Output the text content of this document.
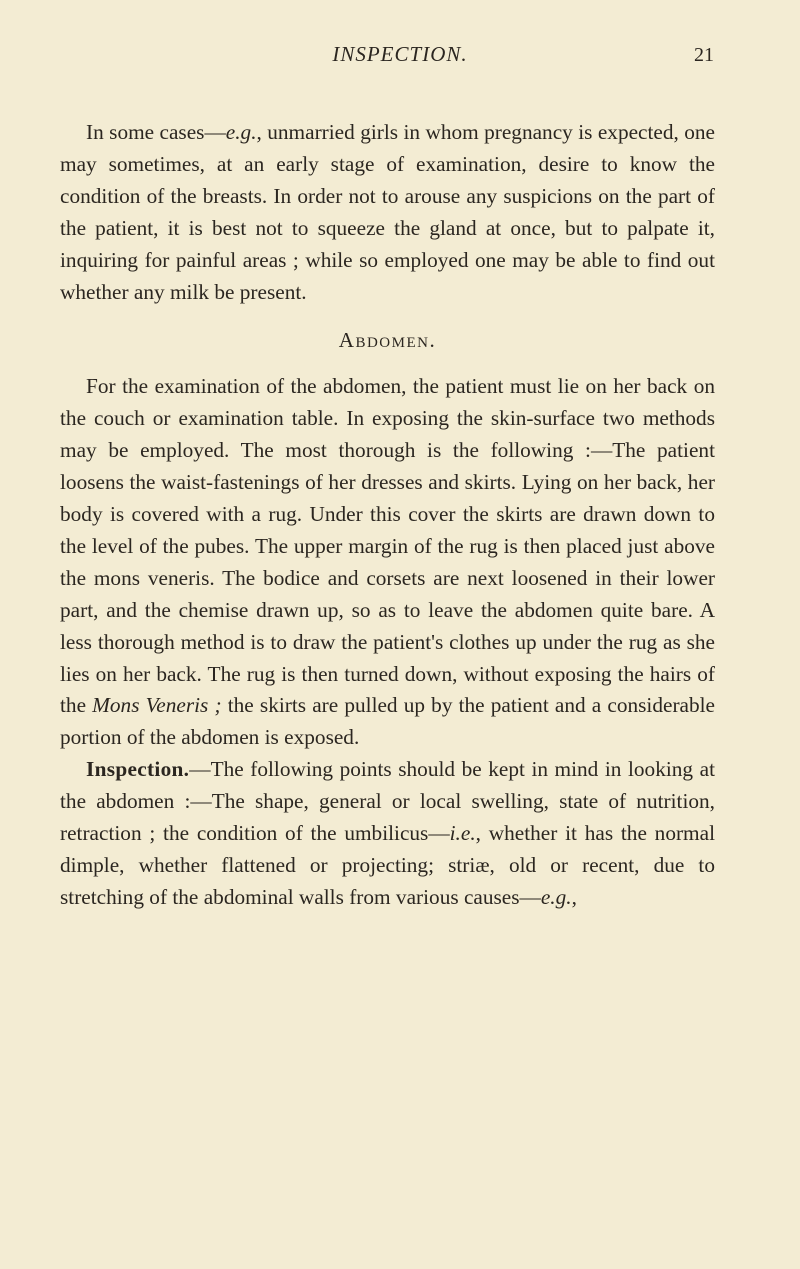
INSPECTION.	21

In some cases—e.g., unmarried girls in whom pregnancy is expected, one may sometimes, at an early stage of examination, desire to know the condition of the breasts. In order not to arouse any suspicions on the part of the patient, it is best not to squeeze the gland at once, but to palpate it, inquiring for painful areas ; while so employed one may be able to find out whether any milk be present.

Abdomen.

For the examination of the abdomen, the patient must lie on her back on the couch or examination table. In exposing the skin-surface two methods may be employed. The most thorough is the following :—The patient loosens the waist-fastenings of her dresses and skirts. Lying on her back, her body is covered with a rug. Under this cover the skirts are drawn down to the level of the pubes. The upper margin of the rug is then placed just above the mons veneris. The bodice and corsets are next loosened in their lower part, and the chemise drawn up, so as to leave the abdomen quite bare. A less thorough method is to draw the patient's clothes up under the rug as she lies on her back. The rug is then turned down, without exposing the hairs of the Mons Veneris ; the skirts are pulled up by the patient and a considerable portion of the abdomen is exposed.

Inspection.—The following points should be kept in mind in looking at the abdomen :—The shape, general or local swelling, state of nutrition, retraction ; the condition of the umbilicus—i.e., whether it has the normal dimple, whether flattened or projecting; striæ, old or recent, due to stretching of the abdominal walls from various causes—e.g.,
